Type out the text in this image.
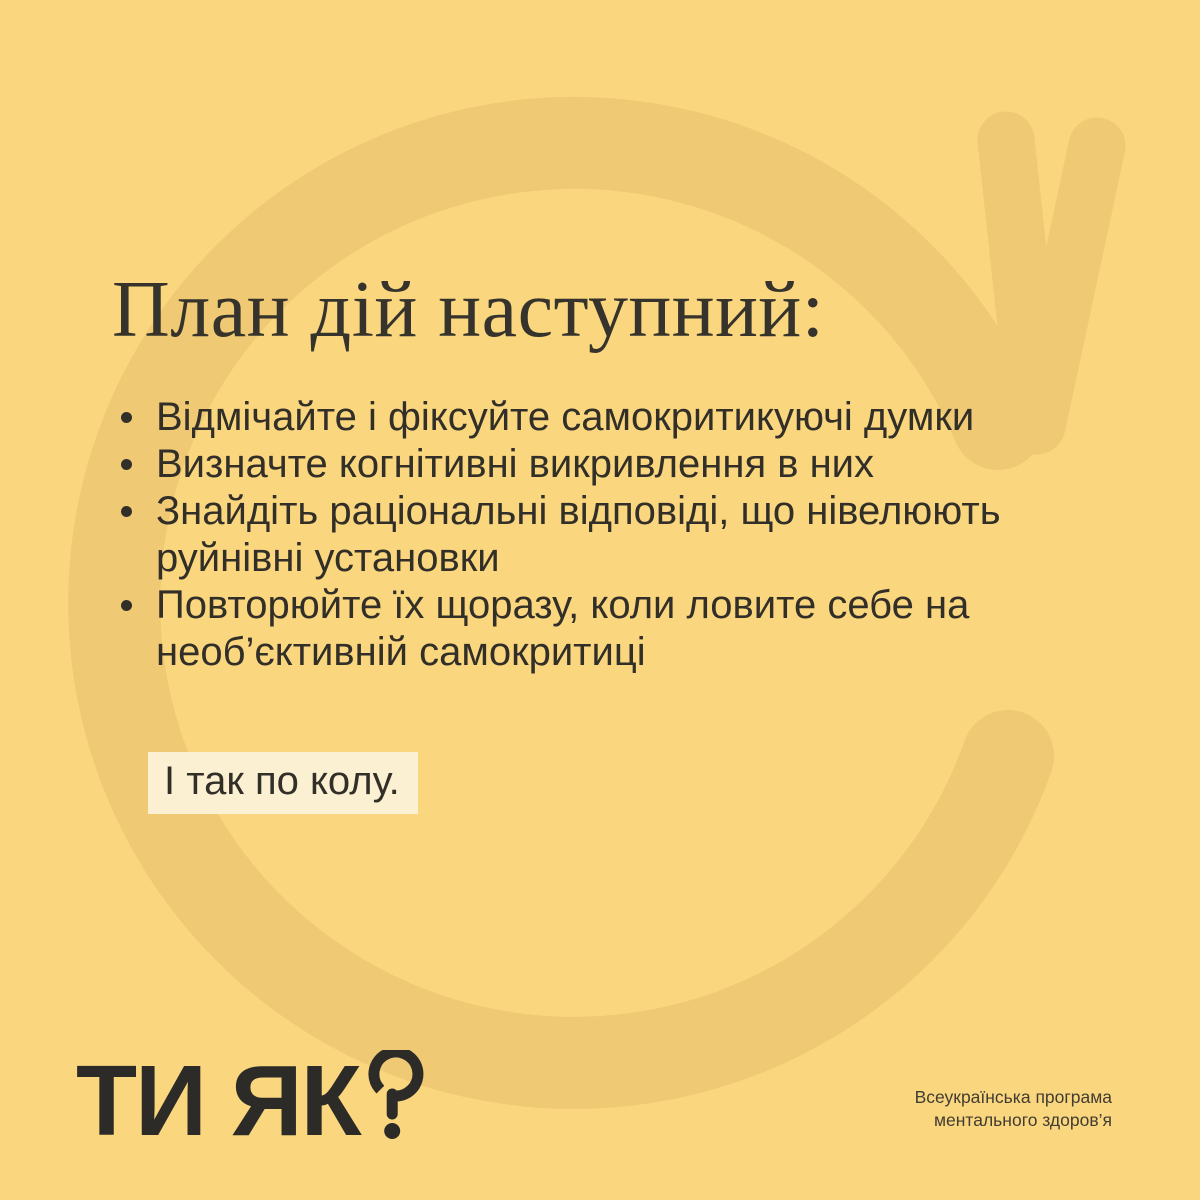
План дій наступний:
Відмічайте і фіксуйте самокритикуючі думки
Визначте когнітивні викривлення в них
Знайдіть раціональні відповіді, що нівелюють руйнівні установки
Повторюйте їх щоразу, коли ловите себе на необ’єктивній самокритиці
І так по колу.
ТИ ЯК	Всеукраїнська програма
ментального здоров’я
